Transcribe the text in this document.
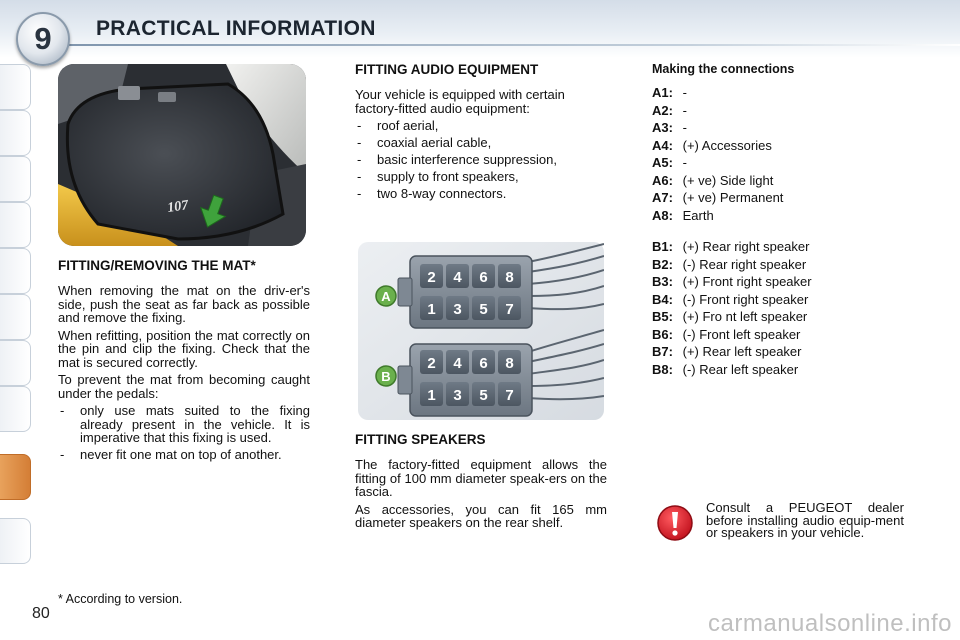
9	PRACTICAL INFORMATION
107
FITTING/REMOVING THE MAT*

When removing the mat on the driv-er's side, push the seat as far back as possible and remove the fixing.

When refitting, position the mat correctly on the pin and clip the fixing. Check that the mat is secured correctly.

To prevent the mat from becoming caught under the pedals:

- only use mats suited to the fixing already present in the vehicle. It is imperative that this fixing is used.
- never fit one mat on top of another.
* According to version.
FITTING AUDIO EQUIPMENT

Your vehicle is equipped with certain factory-fitted audio equipment:

- roof aerial,
- coaxial aerial cable,
- basic interference suppression,
- supply to front speakers,
- two 8-way connectors.
2 4 6 8
1 3 5 7
A
2 4 6 8
1 3 5 7
B
FITTING SPEAKERS

The factory-fitted equipment allows the fitting of 100 mm diameter speak-ers on the fascia.

As accessories, you can fit 165 mm diameter speakers on the rear shelf.

Making the connections
A1: -
A2: -
A3: -
A4: (+) Accessories
A5: -
A6: (+ ve) Side light
A7: (+ ve) Permanent
A8: Earth
B1: (+) Rear right speaker
B2: (-) Rear right speaker
B3: (+) Front right speaker
B4: (-) Front right speaker
B5: (+) Fro nt left speaker
B6: (-) Front left speaker
B7: (+) Rear left speaker
B8: (-) Rear left speaker
Consult a PEUGEOT dealer before installing audio equip-ment or speakers in your vehicle.
80	carmanualsonline.info
